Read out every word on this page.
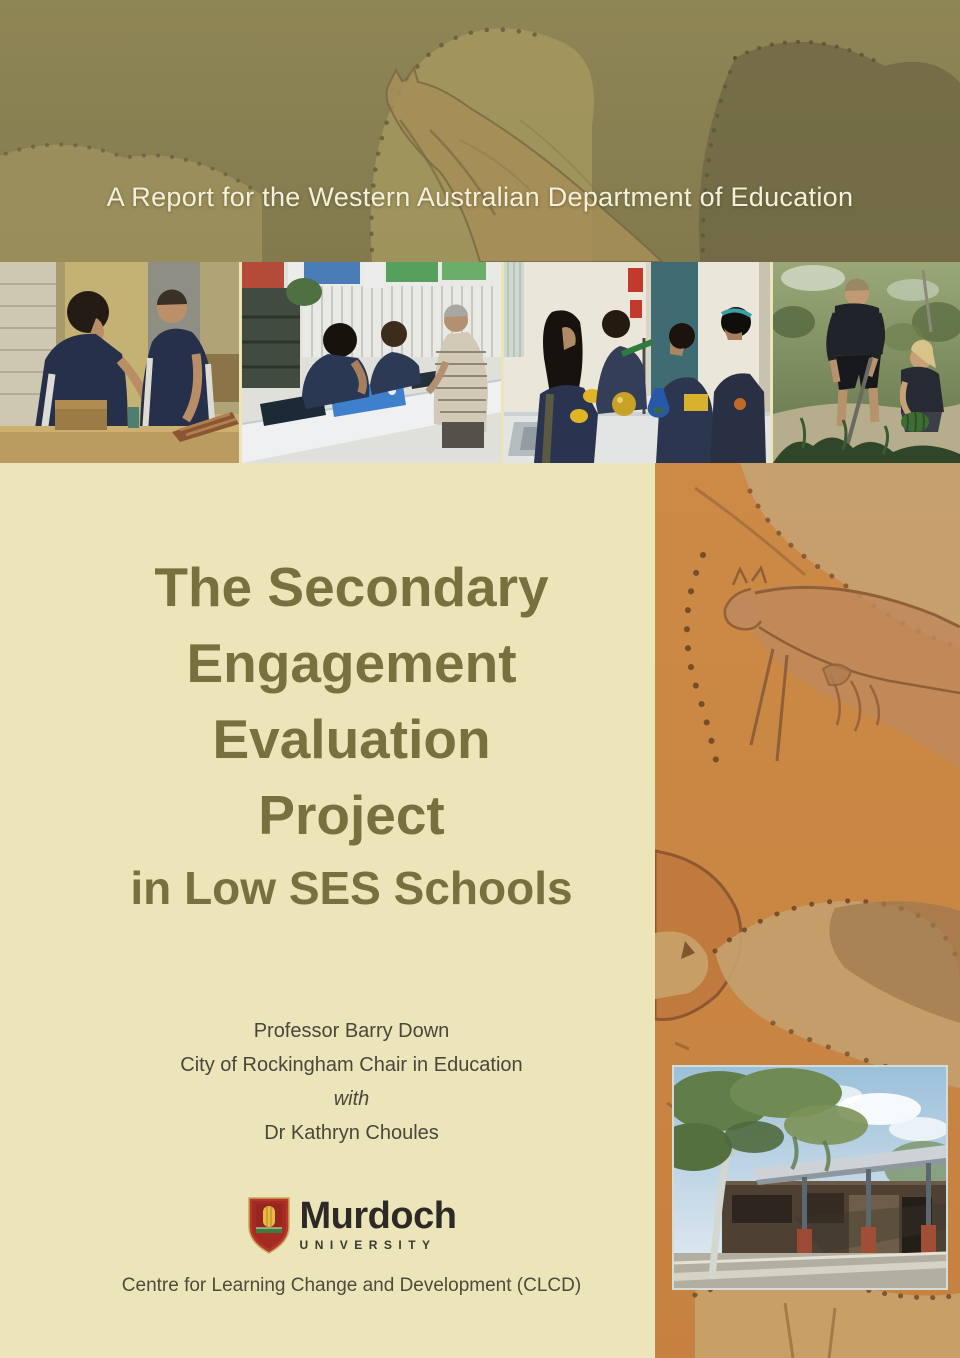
A Report for the Western Australian Department of Education
The Secondary
Engagement
Evaluation
Project
in Low SES Schools
Professor Barry Down
City of Rockingham Chair in Education
with
Dr Kathryn Choules
Murdoch
UNIVERSITY
Centre for Learning Change and Development (CLCD)
